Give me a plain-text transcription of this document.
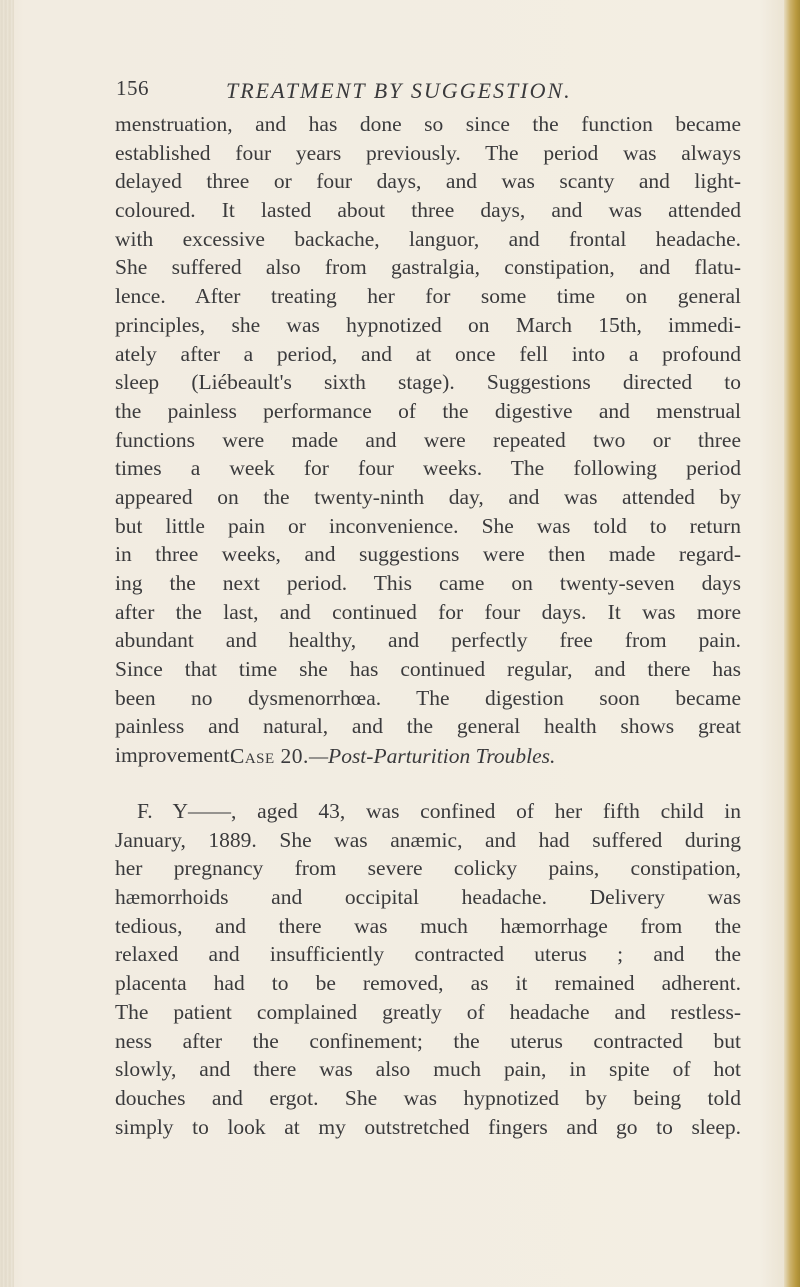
156	TREATMENT BY SUGGESTION.
menstruation, and has done so since the function became
established four years previously. The period was always
delayed three or four days, and was scanty and light-
coloured. It lasted about three days, and was attended
with excessive backache, languor, and frontal headache.
She suffered also from gastralgia, constipation, and flatu-
lence. After treating her for some time on general
principles, she was hypnotized on March 15th, immedi-
ately after a period, and at once fell into a profound
sleep (Liébeault's sixth stage). Suggestions directed to
the painless performance of the digestive and menstrual
functions were made and were repeated two or three
times a week for four weeks. The following period
appeared on the twenty-ninth day, and was attended by
but little pain or inconvenience. She was told to return
in three weeks, and suggestions were then made regard-
ing the next period. This came on twenty-seven days
after the last, and continued for four days. It was more
abundant and healthy, and perfectly free from pain.
Since that time she has continued regular, and there has
been no dysmenorrhœa. The digestion soon became
painless and natural, and the general health shows great
improvement.
Case 20.—Post-Parturition Troubles.
F. Y——, aged 43, was confined of her fifth child in
January, 1889. She was anæmic, and had suffered during
her pregnancy from severe colicky pains, constipation,
hæmorrhoids and occipital headache. Delivery was
tedious, and there was much hæmorrhage from the
relaxed and insufficiently contracted uterus ; and the
placenta had to be removed, as it remained adherent.
The patient complained greatly of headache and restless-
ness after the confinement; the uterus contracted but
slowly, and there was also much pain, in spite of hot
douches and ergot. She was hypnotized by being told
simply to look at my outstretched fingers and go to sleep.
